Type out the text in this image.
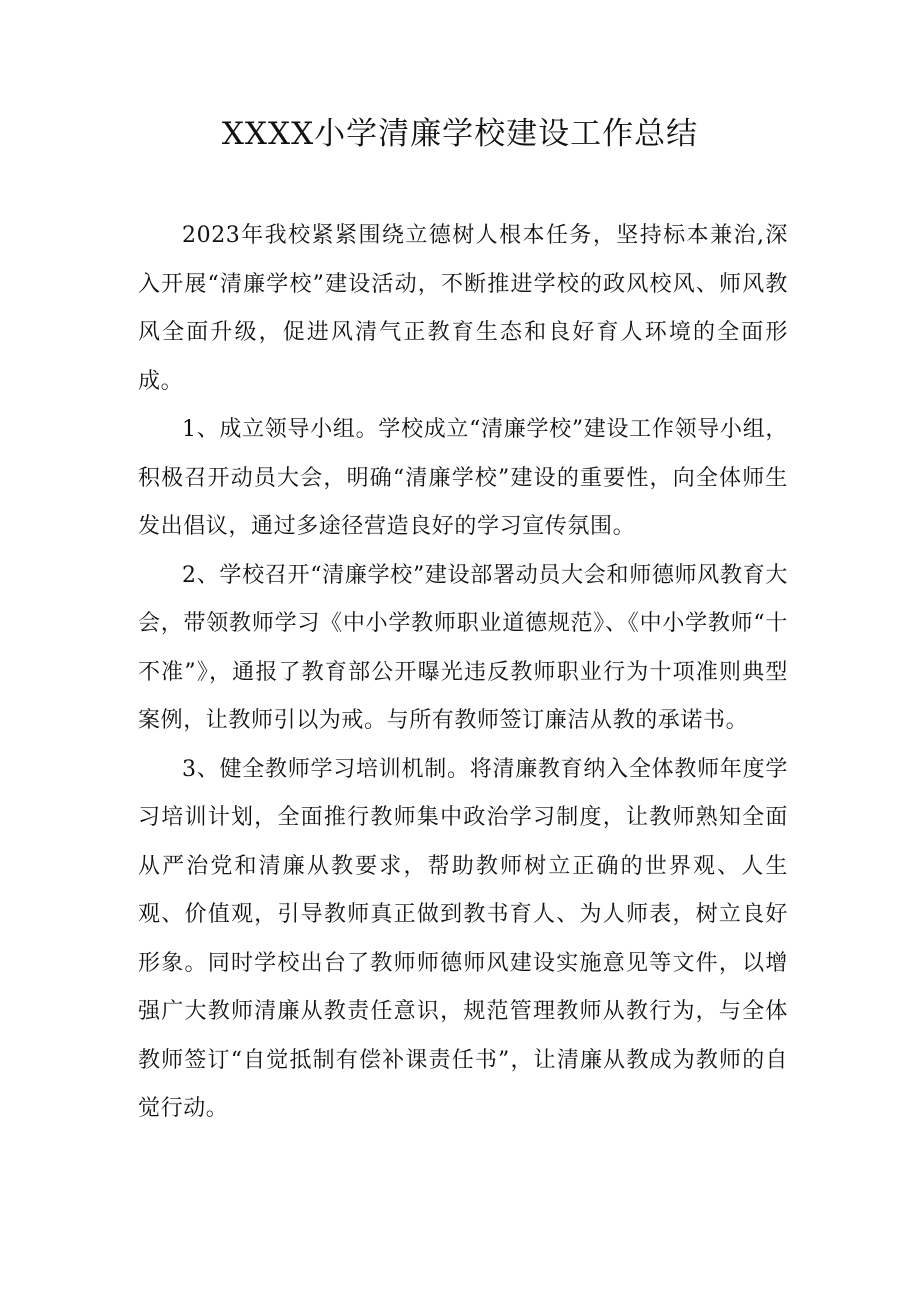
XXXX小学清廉学校建设工作总结

2023年我校紧紧围绕立德树人根本任务，坚持标本兼治,深入开展“清廉学校”建设活动，不断推进学校的政风校风、师风教风全面升级，促进风清气正教育生态和良好育人环境的全面形成。

1、成立领导小组。学校成立“清廉学校”建设工作领导小组，积极召开动员大会，明确“清廉学校”建设的重要性，向全体师生发出倡议，通过多途径营造良好的学习宣传氛围。

2、学校召开“清廉学校”建设部署动员大会和师德师风教育大会，带领教师学习《中小学教师职业道德规范》、《中小学教师“十不准”》，通报了教育部公开曝光违反教师职业行为十项准则典型案例，让教师引以为戒。与所有教师签订廉洁从教的承诺书。

3、健全教师学习培训机制。将清廉教育纳入全体教师年度学习培训计划，全面推行教师集中政治学习制度，让教师熟知全面从严治党和清廉从教要求，帮助教师树立正确的世界观、人生观、价值观，引导教师真正做到教书育人、为人师表，树立良好形象。同时学校出台了教师师德师风建设实施意见等文件，以增强广大教师清廉从教责任意识，规范管理教师从教行为，与全体教师签订“自觉抵制有偿补课责任书”，让清廉从教成为教师的自觉行动。
